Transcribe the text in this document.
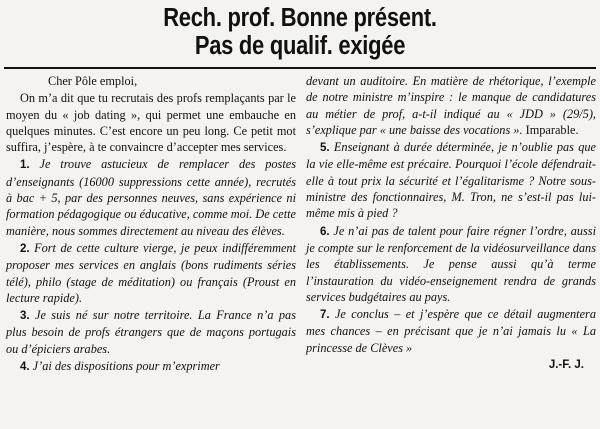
Rech. prof. Bonne présent.
Pas de qualif. exigée

Cher Pôle emploi,

On m’a dit que tu recrutais des profs remplaçants par le moyen du « job dating », qui permet une embauche en quelques minutes. C’est encore un peu long. Ce petit mot suffira, j’espère, à te convaincre d’accepter mes services.

1. Je trouve astucieux de remplacer des postes d’enseignants (16000 suppressions cette année), recrutés à bac + 5, par des personnes neuves, sans expérience ni formation pédagogique ou éducative, comme moi. De cette manière, nous sommes directement au niveau des élèves.

2. Fort de cette culture vierge, je peux indifféremment proposer mes services en anglais (bons rudiments séries télé), philo (stage de méditation) ou français (Proust en lecture rapide).

3. Je suis né sur notre territoire. La France n’a pas plus besoin de profs étrangers que de maçons portugais ou d’épiciers arabes.

4. J’ai des dispositions pour m’exprimer

devant un auditoire. En matière de rhétorique, l’exemple de notre ministre m’inspire : le manque de candidatures au métier de prof, a-t-il indiqué au « JDD » (29/5), s’explique par « une baisse des vocations ». Imparable.

5. Enseignant à durée déterminée, je n’oublie pas que la vie elle-même est précaire. Pourquoi l’école défendrait-elle à tout prix la sécurité et l’égalitarisme ? Notre sous-ministre des fonctionnaires, M. Tron, ne s’est-il pas lui-même mis à pied ?

6. Je n’ai pas de talent pour faire régner l’ordre, aussi je compte sur le renforcement de la vidéosurveillance dans les établissements. Je pense aussi qu’à terme l’instauration du vidéo-enseignement rendra de grands services budgétaires au pays.

7. Je conclus – et j’espère que ce détail augmentera mes chances – en précisant que je n’ai jamais lu « La princesse de Clèves »

J.-F. J.
